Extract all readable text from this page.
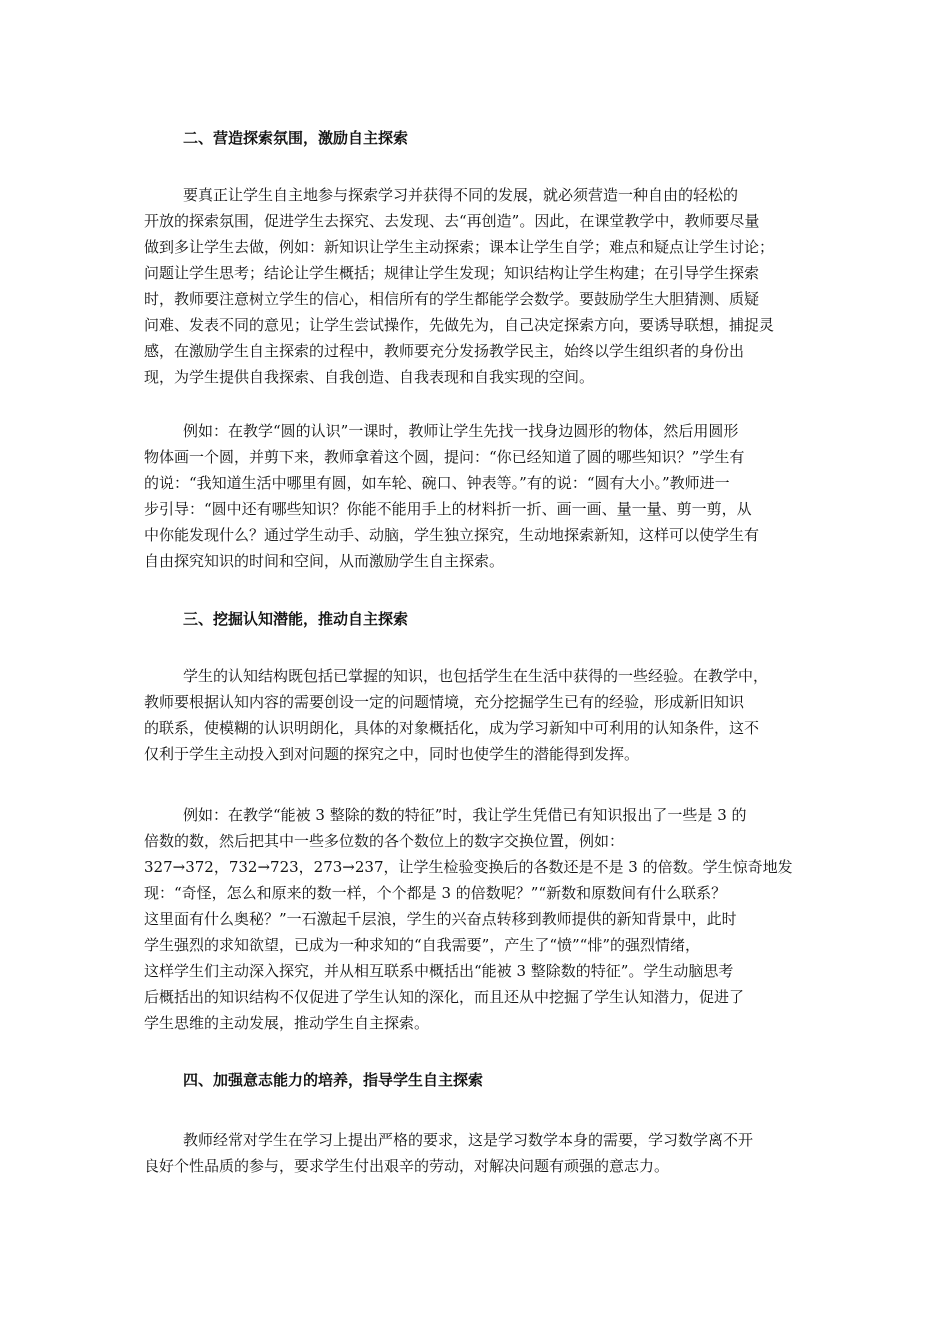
二、营造探索氛围，激励自主探索
要真正让学生自主地参与探索学习并获得不同的发展，就必须营造一种自由的轻松的
开放的探索氛围，促进学生去探究、去发现、去“再创造”。因此，在课堂教学中，教师要尽量
做到多让学生去做，例如：新知识让学生主动探索；课本让学生自学；难点和疑点让学生讨论；
问题让学生思考；结论让学生概括；规律让学生发现；知识结构让学生构建；在引导学生探索
时，教师要注意树立学生的信心，相信所有的学生都能学会数学。要鼓励学生大胆猜测、质疑
问难、发表不同的意见；让学生尝试操作，先做先为，自己决定探索方向，要诱导联想，捕捉灵
感，在激励学生自主探索的过程中，教师要充分发扬教学民主，始终以学生组织者的身份出
现，为学生提供自我探索、自我创造、自我表现和自我实现的空间。
例如：在教学“圆的认识”一课时，教师让学生先找一找身边圆形的物体，然后用圆形
物体画一个圆，并剪下来，教师拿着这个圆，提问：“你已经知道了圆的哪些知识？”学生有
的说：“我知道生活中哪里有圆，如车轮、碗口、钟表等。”有的说：“圆有大小。”教师进一
步引导：“圆中还有哪些知识？你能不能用手上的材料折一折、画一画、量一量、剪一剪，从
中你能发现什么？通过学生动手、动脑，学生独立探究，生动地探索新知，这样可以使学生有
自由探究知识的时间和空间，从而激励学生自主探索。
三、挖掘认知潜能，推动自主探索
学生的认知结构既包括已掌握的知识，也包括学生在生活中获得的一些经验。在教学中，
教师要根据认知内容的需要创设一定的问题情境，充分挖掘学生已有的经验，形成新旧知识
的联系，使模糊的认识明朗化，具体的对象概括化，成为学习新知中可利用的认知条件，这不
仅利于学生主动投入到对问题的探究之中，同时也使学生的潜能得到发挥。
例如：在教学“能被 3 整除的数的特征”时，我让学生凭借已有知识报出了一些是 3 的
倍数的数，然后把其中一些多位数的各个数位上的数字交换位置，例如：
327→372，732→723，273→237，让学生检验变换后的各数还是不是 3 的倍数。学生惊奇地发
现：“奇怪，怎么和原来的数一样，个个都是 3 的倍数呢？”“新数和原数间有什么联系？
这里面有什么奥秘？”一石激起千层浪，学生的兴奋点转移到教师提供的新知背景中，此时
学生强烈的求知欲望，已成为一种求知的“自我需要”，产生了“愤”“悱”的强烈情绪，
这样学生们主动深入探究，并从相互联系中概括出“能被 3 整除数的特征”。学生动脑思考
后概括出的知识结构不仅促进了学生认知的深化，而且还从中挖掘了学生认知潜力，促进了
学生思维的主动发展，推动学生自主探索。
四、加强意志能力的培养，指导学生自主探索
教师经常对学生在学习上提出严格的要求，这是学习数学本身的需要，学习数学离不开
良好个性品质的参与，要求学生付出艰辛的劳动，对解决问题有顽强的意志力。
